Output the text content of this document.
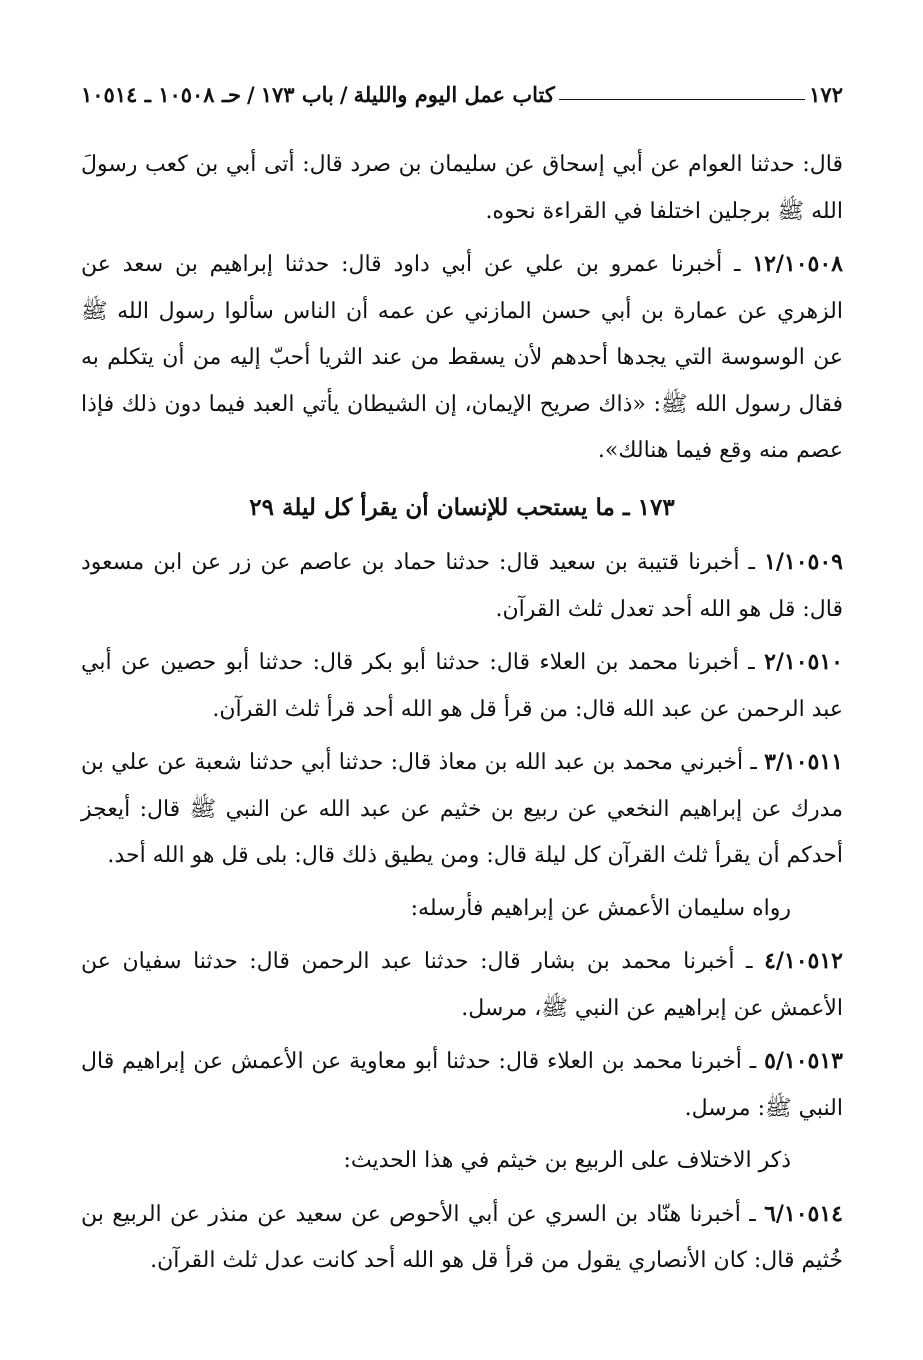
١٧٢
كتاب عمل اليوم والليلة
/
باب ١٧٣
/
حـ ١٠٥٠٨ ـ ١٠٥١٤

قال: حدثنا العوام عن أبي إسحاق عن سليمان بن صرد قال: أتى أبي بن كعب رسولَ الله ﷺ برجلين اختلفا في القراءة نحوه.

١٢/١٠٥٠٨ ـ أخبرنا عمرو بن علي عن أبي داود قال: حدثنا إبراهيم بن سعد عن الزهري عن عمارة بن أبي حسن المازني عن عمه أن الناس سألوا رسول الله ﷺ عن الوسوسة التي يجدها أحدهم لأن يسقط من عند الثريا أحبّ إليه من أن يتكلم به فقال رسول الله ﷺ: «ذاك صريح الإيمان، إن الشيطان يأتي العبد فيما دون ذلك فإذا عصم منه وقع فيما هنالك».

١٧٣ ـ ما يستحب للإنسان أن يقرأ كل ليلة ٢٩

١/١٠٥٠٩ ـ أخبرنا قتيبة بن سعيد قال: حدثنا حماد بن عاصم عن زر عن ابن مسعود قال: قل هو الله أحد تعدل ثلث القرآن.

٢/١٠٥١٠ ـ أخبرنا محمد بن العلاء قال: حدثنا أبو بكر قال: حدثنا أبو حصين عن أبي عبد الرحمن عن عبد الله قال: من قرأ قل هو الله أحد قرأ ثلث القرآن.

٣/١٠٥١١ ـ أخبرني محمد بن عبد الله بن معاذ قال: حدثنا أبي حدثنا شعبة عن علي بن مدرك عن إبراهيم النخعي عن ربيع بن خثيم عن عبد الله عن النبي ﷺ قال: أيعجز أحدكم أن يقرأ ثلث القرآن كل ليلة قال: ومن يطيق ذلك قال: بلى قل هو الله أحد.

رواه سليمان الأعمش عن إبراهيم فأرسله:

٤/١٠٥١٢ ـ أخبرنا محمد بن بشار قال: حدثنا عبد الرحمن قال: حدثنا سفيان عن الأعمش عن إبراهيم عن النبي ﷺ، مرسل.

٥/١٠٥١٣ ـ أخبرنا محمد بن العلاء قال: حدثنا أبو معاوية عن الأعمش عن إبراهيم قال النبي ﷺ: مرسل.

ذكر الاختلاف على الربيع بن خيثم في هذا الحديث:

٦/١٠٥١٤ ـ أخبرنا هنّاد بن السري عن أبي الأحوص عن سعيد عن منذر عن الربيع بن خُثيم قال: كان الأنصاري يقول من قرأ قل هو الله أحد كانت عدل ثلث القرآن.
